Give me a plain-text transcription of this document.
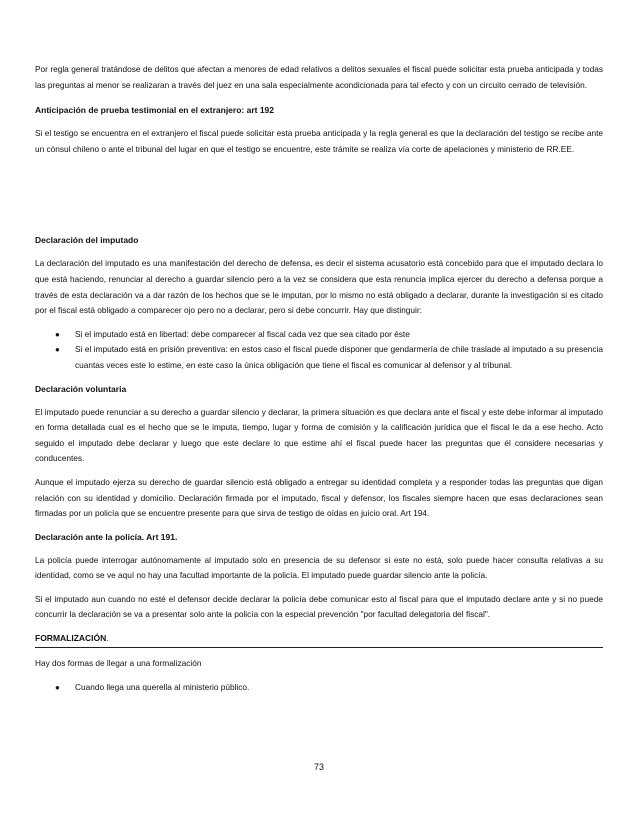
Por regla general tratándose de delitos que afectan a menores de edad relativos a delitos sexuales el fiscal puede solicitar esta prueba anticipada y todas las preguntas al menor se realizaran a través del juez en una sala especialmente acondicionada para tal efecto y con un circuito cerrado de televisión.

Anticipación de prueba testimonial en el extranjero: art 192

Si el testigo se encuentra en el extranjero el fiscal puede solicitar esta prueba anticipada y la regla general es que la declaración del testigo se recibe ante un cónsul chileno o ante el tribunal del lugar en que el testigo se encuentre, este trámite se realiza vía corte de apelaciones y ministerio de RR.EE.

Declaración del imputado

La declaración del imputado es una manifestación del derecho de defensa, es decir el sistema acusatorio está concebido para que el imputado declara lo que está haciendo, renunciar al derecho a guardar silencio pero a la vez se considera que esta renuncia implica ejercer du derecho a defensa porque a través de esta declaración va a dar razón de los hechos que se le imputan, por lo mismo no está obligado a declarar, durante la investigación si es citado por el fiscal está obligado a comparecer ojo pero no a declarar, pero si debe concurrir. Hay que distinguir:

● Si el imputado está en libertad: debe comparecer al fiscal cada vez que sea citado por éste
● Si el imputado está en prisión preventiva: en estos caso el fiscal puede disponer que gendarmería de chile traslade al imputado a su presencia cuantas veces este lo estime, en este caso la única obligación que tiene el fiscal es comunicar al defensor y al tribunal.
Declaración voluntaria

El imputado puede renunciar a su derecho a guardar silencio y declarar, la primera situación es que declara ante el fiscal y este debe informar al imputado en forma detallada cual es el hecho que se le imputa, tiempo, lugar y forma de comisión y la calificación jurídica que el fiscal le da a ese hecho. Acto seguido el imputado debe declarar y luego que este declare lo que estime ahí el fiscal puede hacer las preguntas que él considere necesarias y conducentes.

Aunque el imputado ejerza su derecho de guardar silencio está obligado a entregar su identidad completa y a responder todas las preguntas que digan relación con su identidad y domicilio. Declaración firmada por el imputado, fiscal y defensor, los fiscales siempre hacen que esas declaraciones sean firmadas por un policía que se encuentre presente para que sirva de testigo de oídas en juicio oral. Art 194.

Declaración ante la policía. Art 191.

La policía puede interrogar autónomamente al imputado solo en presencia de su defensor si este no está, solo puede hacer consulta relativas a su identidad, como se ve aquí no hay una facultad importante de la policía. El imputado puede guardar silencio ante la policía.

Si el imputado aun cuando no esté el defensor decide declarar la policía debe comunicar esto al fiscal para que el imputado declare ante y si no puede concurrir la declaración se va a presentar solo ante la policía con la especial prevención "por facultad delegatoria del fiscal".

FORMALIZACIÓN.

Hay dos formas de llegar a una formalización

● Cuando llega una querella al ministerio público.
73
